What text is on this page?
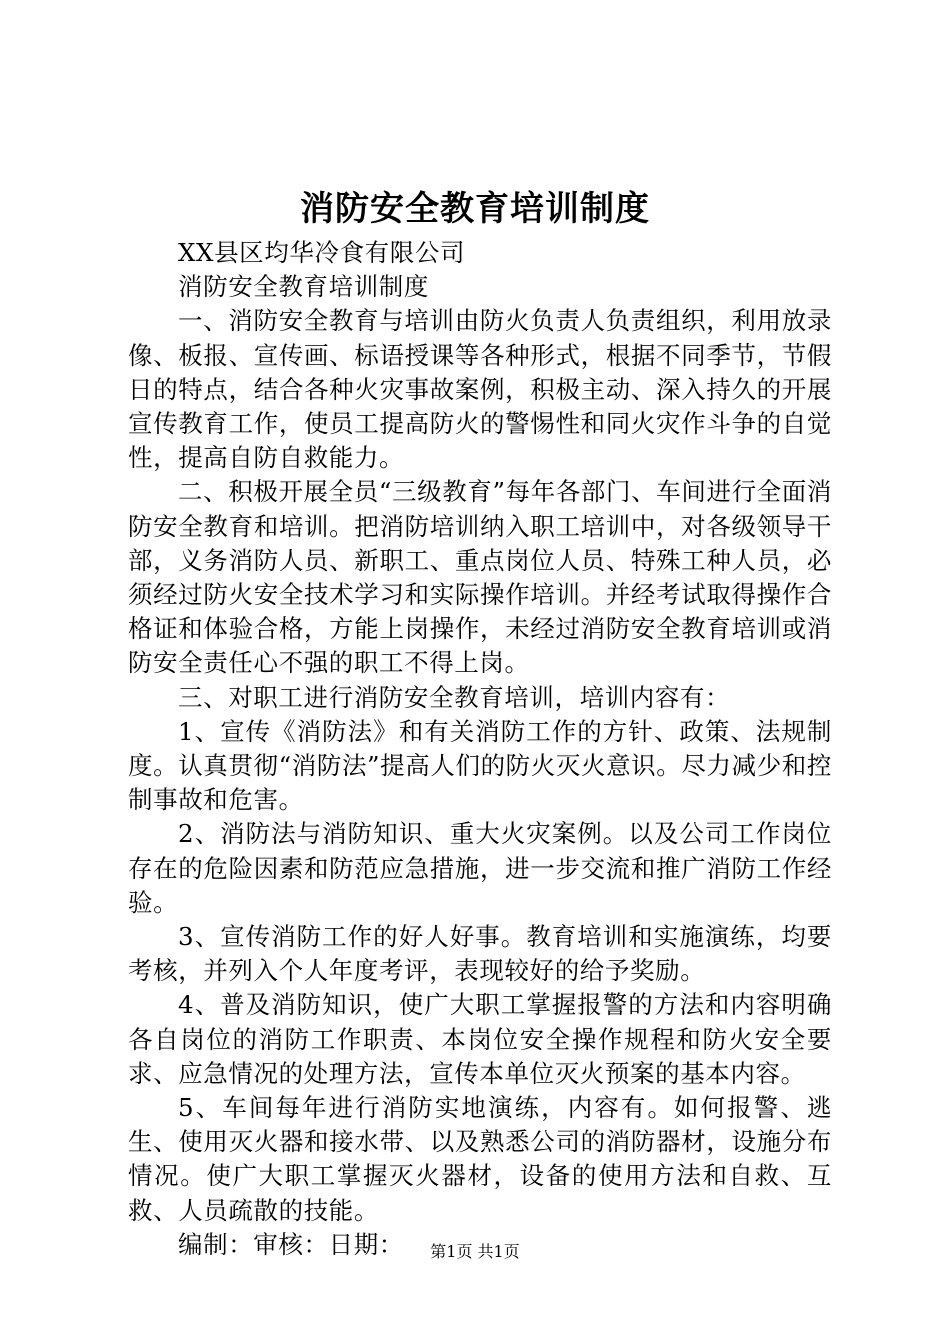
消防安全教育培训制度

XX县区均华冷食有限公司

消防安全教育培训制度

一、消防安全教育与培训由防火负责人负责组织，利用放录像、板报、宣传画、标语授课等各种形式，根据不同季节，节假日的特点，结合各种火灾事故案例，积极主动、深入持久的开展宣传教育工作，使员工提高防火的警惕性和同火灾作斗争的自觉性，提高自防自救能力。

二、积极开展全员“三级教育”每年各部门、车间进行全面消防安全教育和培训。把消防培训纳入职工培训中，对各级领导干部，义务消防人员、新职工、重点岗位人员、特殊工种人员，必须经过防火安全技术学习和实际操作培训。并经考试取得操作合格证和体验合格，方能上岗操作，未经过消防安全教育培训或消防安全责任心不强的职工不得上岗。

三、对职工进行消防安全教育培训，培训内容有：

1、宣传《消防法》和有关消防工作的方针、政策、法规制度。认真贯彻“消防法”提高人们的防火灭火意识。尽力减少和控制事故和危害。

2、消防法与消防知识、重大火灾案例。以及公司工作岗位存在的危险因素和防范应急措施，进一步交流和推广消防工作经验。

3、宣传消防工作的好人好事。教育培训和实施演练，均要考核，并列入个人年度考评，表现较好的给予奖励。

4、普及消防知识，使广大职工掌握报警的方法和内容明确各自岗位的消防工作职责、本岗位安全操作规程和防火安全要求、应急情况的处理方法，宣传本单位灭火预案的基本内容。

5、车间每年进行消防实地演练，内容有。如何报警、逃生、使用灭火器和接水带、以及熟悉公司的消防器材，设施分布情况。使广大职工掌握灭火器材，设备的使用方法和自救、互救、人员疏散的技能。

编制：审核：日期：	第1页 共1页
